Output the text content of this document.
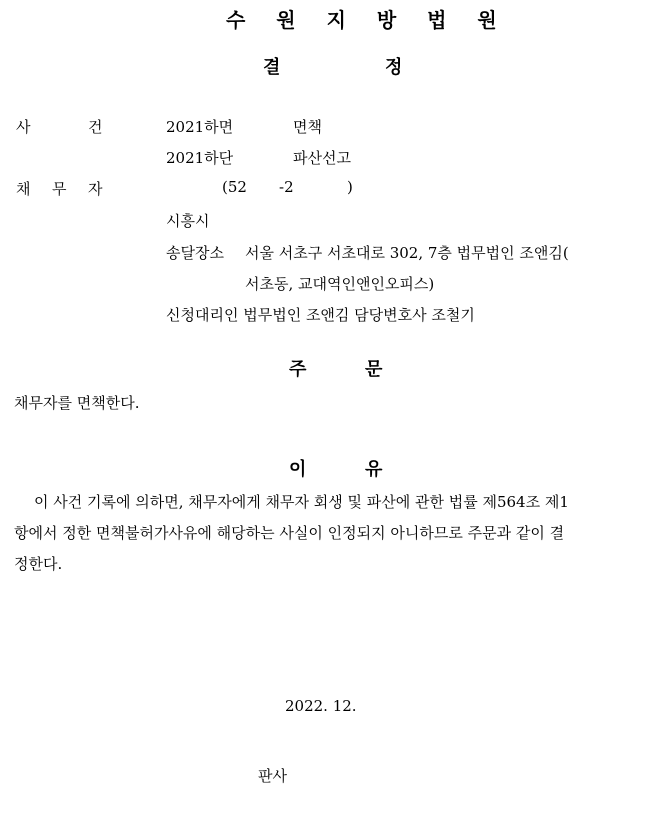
수 원 지 방 법 원
결	정
사	건	2021하면	면책
2021하단	파산선고
채 무 자	(52 -2	)
시흥시
송달장소 서울 서초구 서초대로 302, 7층 법무법인 조앤김(
서초동, 교대역인앤인오피스)
신청대리인 법무법인 조앤김 담당변호사 조철기
주	문
채무자를 면책한다.
이	유
이 사건 기록에 의하면, 채무자에게 채무자 회생 및 파산에 관한 법률 제564조 제1
항에서 정한 면책불허가사유에 해당하는 사실이 인정되지 아니하므로 주문과 같이 결
정한다.
2022. 12.
판사
